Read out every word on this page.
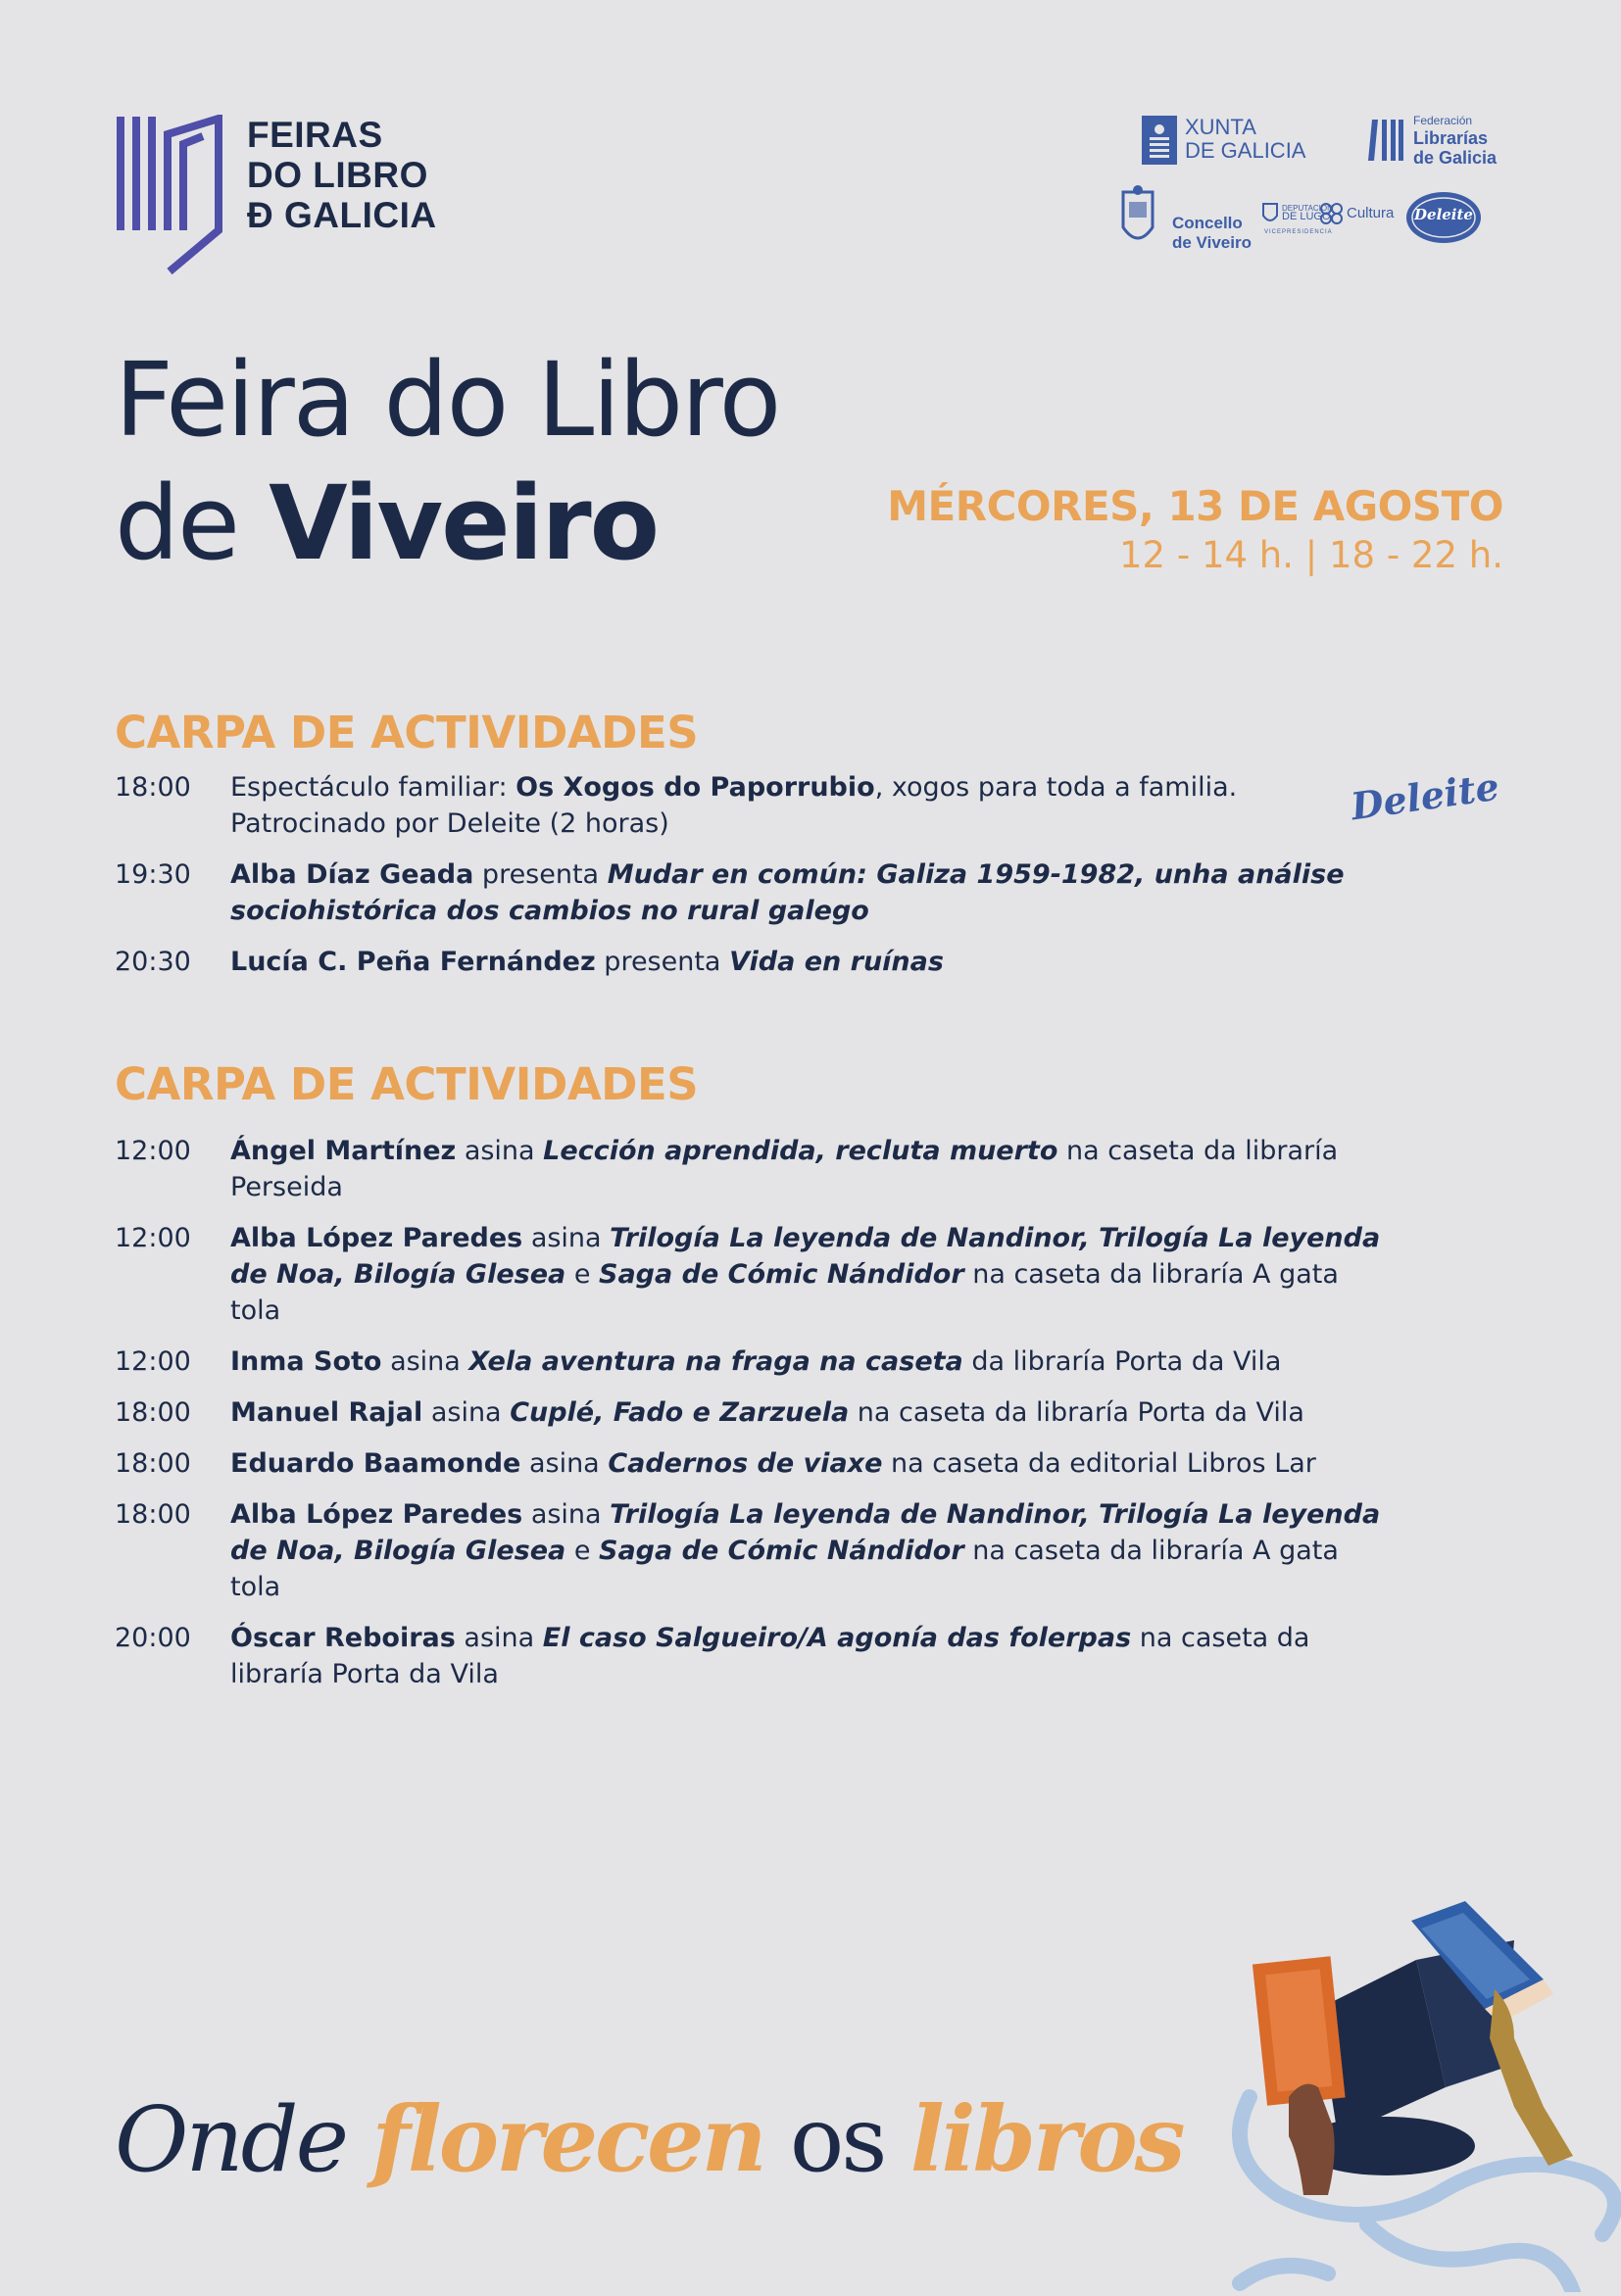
FEIRAS
DO LIBRO
Ð GALICIA
XUNTA
DE GALICIA
Federación
Librarías
de Galicia
Concello
de Viveiro
DEPUTACIÓN
DE LUGO Cultura
VICEPRESIDENCIA
Deleite
Feira do Libro
de Viveiro	MÉRCORES, 13 DE AGOSTO
12 - 14 h. | 18 - 22 h.
CARPA DE ACTIVIDADES
18:00	Espectáculo familiar: Os Xogos do Paporrubio, xogos para toda a familia. Patrocinado por Deleite (2 horas)
19:30	Alba Díaz Geada presenta Mudar en común: Galiza 1959-1982, unha análise sociohistórica dos cambios no rural galego
20:30	Lucía C. Peña Fernández presenta Vida en ruínas
Deleite
CARPA DE ACTIVIDADES
12:00	Ángel Martínez asina Lección aprendida, recluta muerto na caseta da libraría Perseida
12:00	Alba López Paredes asina Trilogía La leyenda de Nandinor, Trilogía La leyenda de Noa, Bilogía Glesea e Saga de Cómic Nándidor na caseta da libraría A gata tola
12:00	Inma Soto asina Xela aventura na fraga na caseta da libraría Porta da Vila
18:00	Manuel Rajal asina Cuplé, Fado e Zarzuela na caseta da libraría Porta da Vila
18:00	Eduardo Baamonde asina Cadernos de viaxe na caseta da editorial Libros Lar
18:00	Alba López Paredes asina Trilogía La leyenda de Nandinor, Trilogía La leyenda de Noa, Bilogía Glesea e Saga de Cómic Nándidor na caseta da libraría A gata tola
20:00	Óscar Reboiras asina El caso Salgueiro/A agonía das folerpas na caseta da libraría Porta da Vila
Onde florecen os libros
